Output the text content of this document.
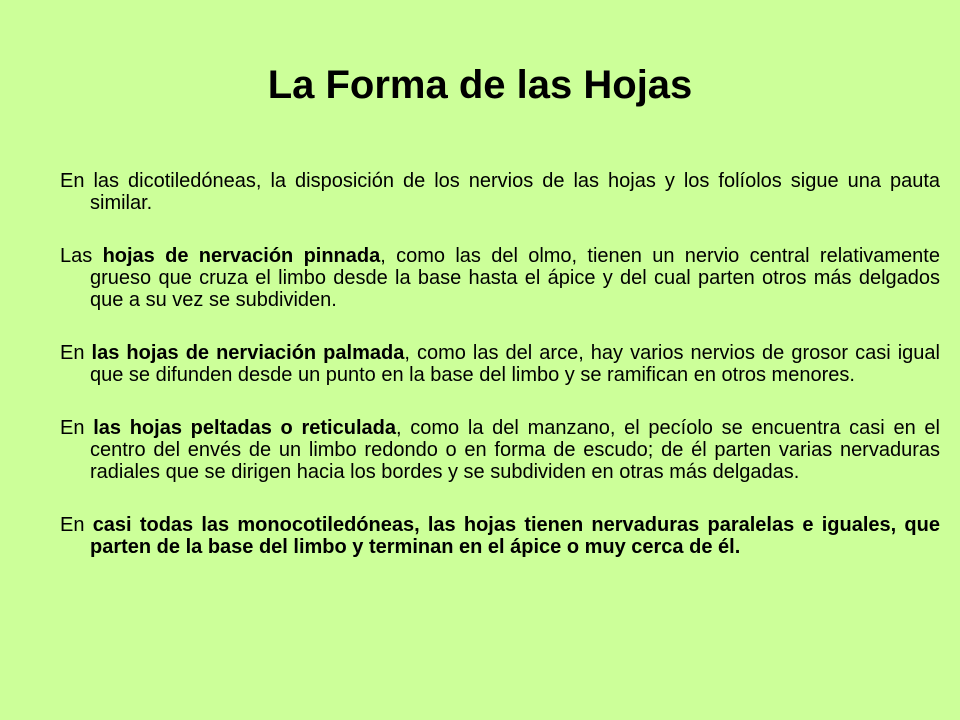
La Forma de las Hojas

En las dicotiledóneas, la disposición de los nervios de las hojas y los folíolos sigue una pauta similar.

Las hojas de nervación pinnada, como las del olmo, tienen un nervio central relativamente grueso que cruza el limbo desde la base hasta el ápice y del cual parten otros más delgados que a su vez se subdividen.

En las hojas de nerviación palmada, como las del arce, hay varios nervios de grosor casi igual que se difunden desde un punto en la base del limbo y se ramifican en otros menores.

En las hojas peltadas o reticulada, como la del manzano, el pecíolo se encuentra casi en el centro del envés de un limbo redondo o en forma de escudo; de él parten varias nervaduras radiales que se dirigen hacia los bordes y se subdividen en otras más delgadas.

En casi todas las monocotiledóneas, las hojas tienen nervaduras paralelas e iguales, que parten de la base del limbo y terminan en el ápice o muy cerca de él.
